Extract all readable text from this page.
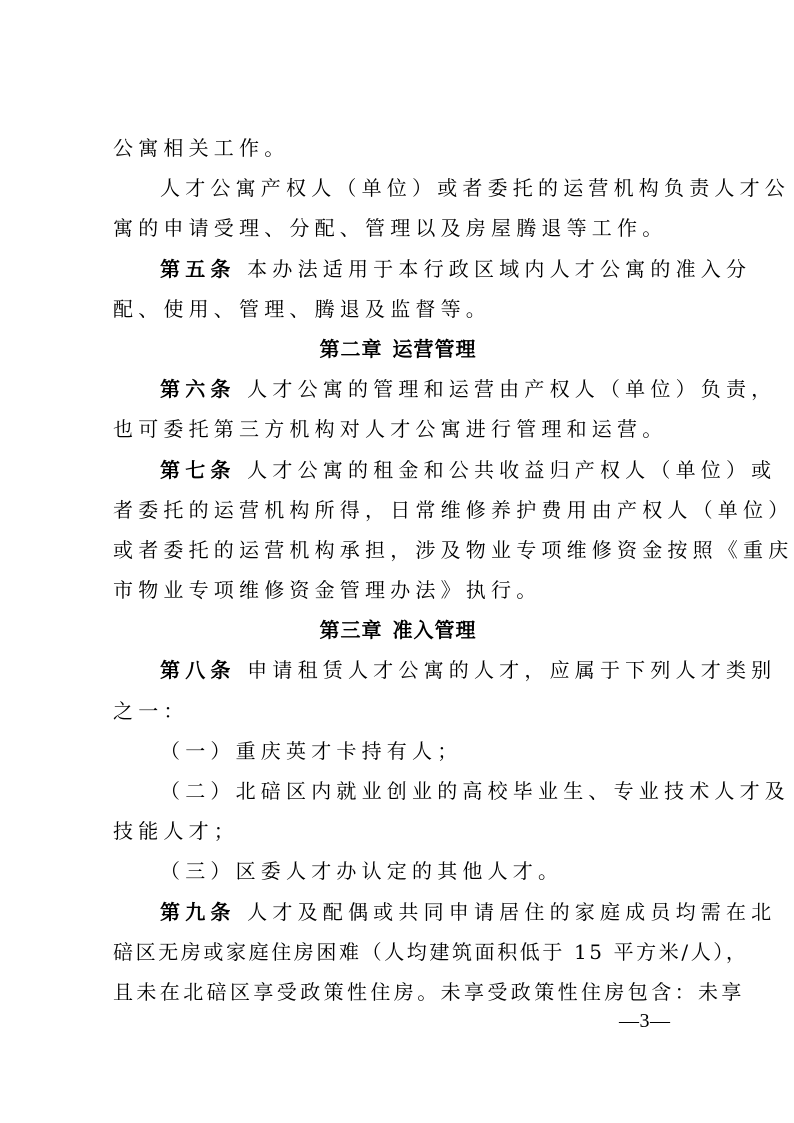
公寓相关工作。
人才公寓产权人（单位）或者委托的运营机构负责人才公
寓的申请受理、分配、管理以及房屋腾退等工作。
第五条 本办法适用于本行政区域内人才公寓的准入分
配、使用、管理、腾退及监督等。
第二章 运营管理
第六条 人才公寓的管理和运营由产权人（单位）负责，
也可委托第三方机构对人才公寓进行管理和运营。
第七条 人才公寓的租金和公共收益归产权人（单位）或
者委托的运营机构所得，日常维修养护费用由产权人（单位）
或者委托的运营机构承担，涉及物业专项维修资金按照《重庆
市物业专项维修资金管理办法》执行。
第三章 准入管理
第八条 申请租赁人才公寓的人才，应属于下列人才类别
之一：
（一）重庆英才卡持有人；
（二）北碚区内就业创业的高校毕业生、专业技术人才及
技能人才；
（三）区委人才办认定的其他人才。
第九条 人才及配偶或共同申请居住的家庭成员均需在北
碚区无房或家庭住房困难（人均建筑面积低于 15 平方米/人），
且未在北碚区享受政策性住房。未享受政策性住房包含：未享
—3—
